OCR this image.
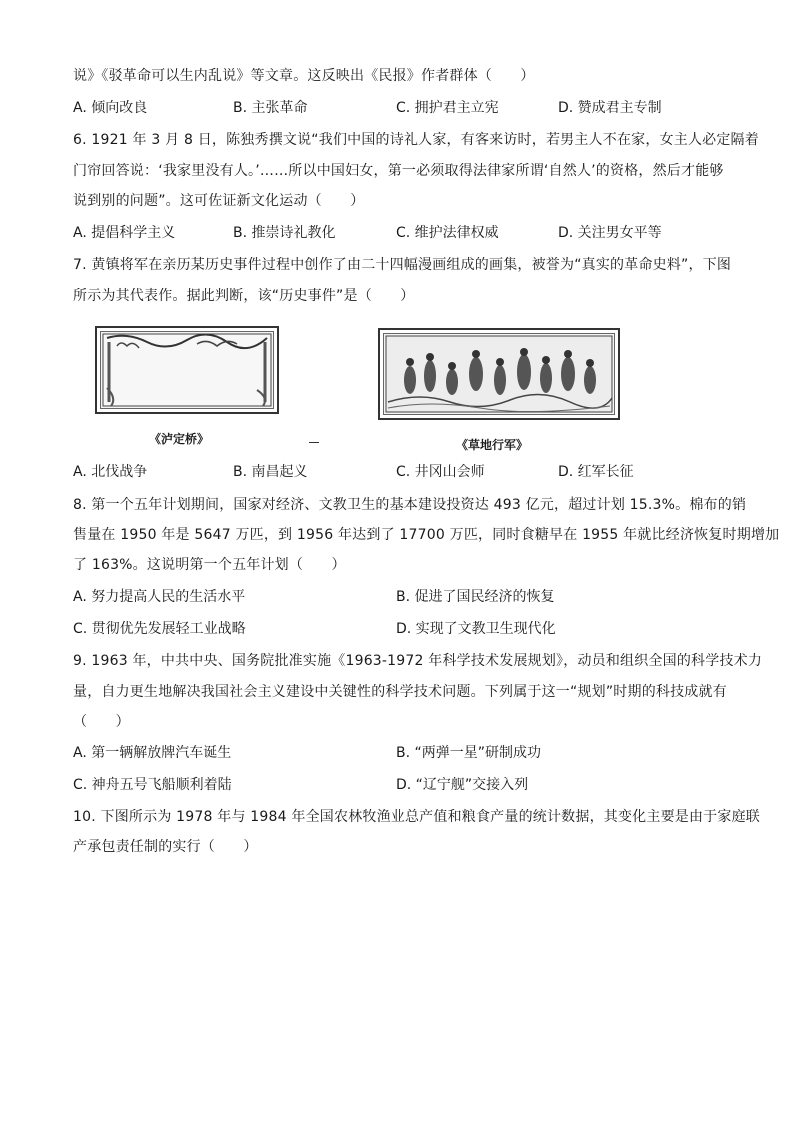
说》《驳革命可以生内乱说》等文章。这反映出《民报》作者群体（　　）
A. 倾向改良	B. 主张革命	C. 拥护君主立宪	D. 赞成君主专制
6. 1921 年 3 月 8 日，陈独秀撰文说“我们中国的诗礼人家，有客来访时，若男主人不在家，女主人必定隔着
门帘回答说：‘我家里没有人。’……所以中国妇女，第一必须取得法律家所谓‘自然人’的资格，然后才能够
说到别的问题”。这可佐证新文化运动（　　）
A. 提倡科学主义	B. 推崇诗礼教化	C. 维护法律权威	D. 关注男女平等
7. 黄镇将军在亲历某历史事件过程中创作了由二十四幅漫画组成的画集，被誉为“真实的革命史料”，下图
所示为其代表作。据此判断，该“历史事件”是（　　）
《泸定桥》	《草地行军》
A. 北伐战争	B. 南昌起义	C. 井冈山会师	D. 红军长征
8. 第一个五年计划期间，国家对经济、文教卫生的基本建设投资达 493 亿元，超过计划 15.3%。棉布的销
售量在 1950 年是 5647 万匹，到 1956 年达到了 17700 万匹，同时食糖早在 1955 年就比经济恢复时期增加
了 163%。这说明第一个五年计划（　　）
A. 努力提高人民的生活水平	B. 促进了国民经济的恢复
C. 贯彻优先发展轻工业战略	D. 实现了文教卫生现代化
9. 1963 年，中共中央、国务院批准实施《1963-1972 年科学技术发展规划》，动员和组织全国的科学技术力
量，自力更生地解决我国社会主义建设中关键性的科学技术问题。下列属于这一“规划”时期的科技成就有
（　　）
A. 第一辆解放牌汽车诞生	B. “两弹一星”研制成功
C. 神舟五号飞船顺利着陆	D. “辽宁舰”交接入列
10. 下图所示为 1978 年与 1984 年全国农林牧渔业总产值和粮食产量的统计数据，其变化主要是由于家庭联
产承包责任制的实行（　　）
